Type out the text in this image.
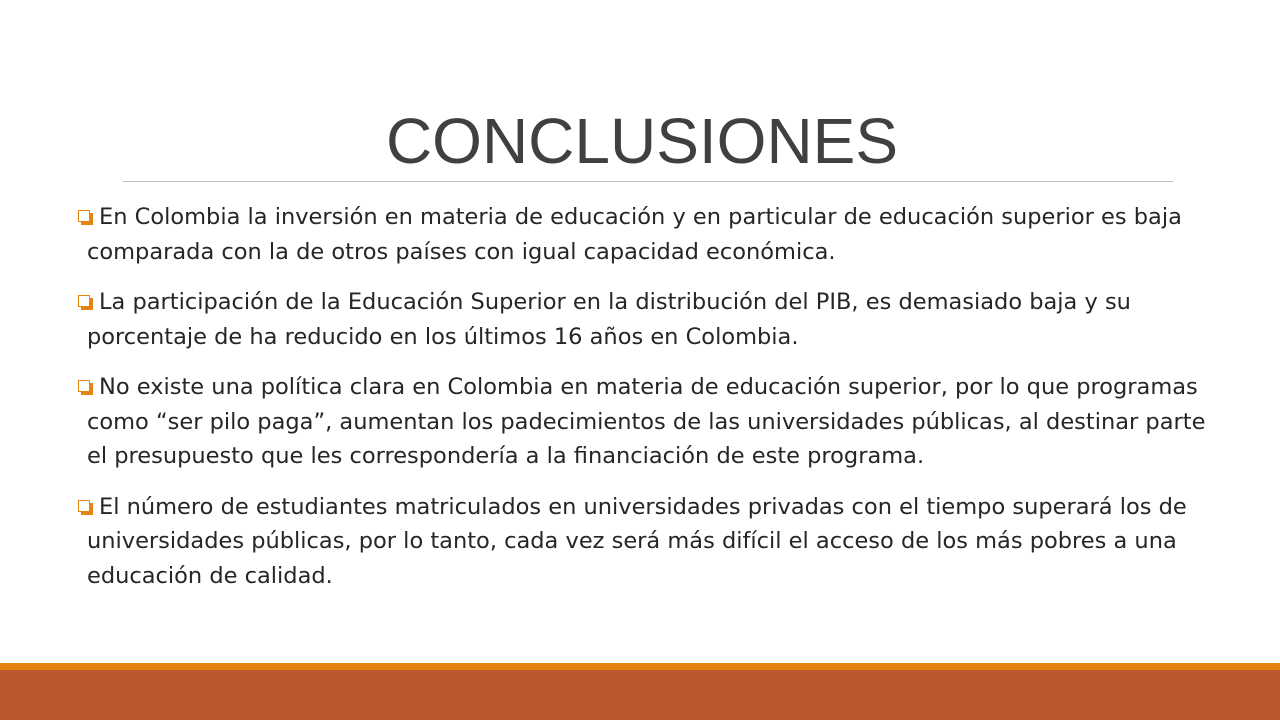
CONCLUSIONES
En Colombia la inversión en materia de educación y en particular de educación superior es baja comparada con la de otros países con igual capacidad económica.
La participación de la Educación Superior en la distribución del PIB, es demasiado baja y su porcentaje de ha reducido en los últimos 16 años en Colombia.
No existe una política clara en Colombia en materia de educación superior, por lo que programas como “ser pilo paga”, aumentan los padecimientos de las universidades públicas, al destinar parte el presupuesto que les correspondería a la financiación de este programa.
El número de estudiantes matriculados en universidades privadas con el tiempo superará los de universidades públicas, por lo tanto, cada vez será más difícil el acceso de los más pobres a una educación de calidad.
